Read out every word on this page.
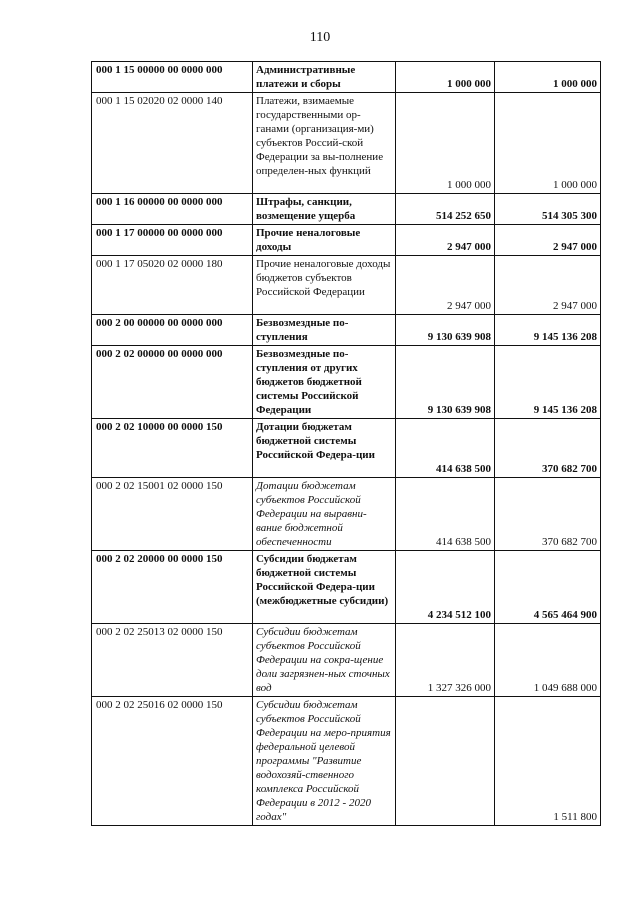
110
000 1 15 00000 00 0000 000	Административные платежи и сборы	1 000 000	1 000 000
000 1 15 02020 02 0000 140	Платежи, взимаемые государственными ор-ганами (организация-ми) субъектов Россий-ской Федерации за вы-полнение определен-ных функций	1 000 000	1 000 000
000 1 16 00000 00 0000 000	Штрафы, санкции, возмещение ущерба	514 252 650	514 305 300
000 1 17 00000 00 0000 000	Прочие неналоговые доходы	2 947 000	2 947 000
000 1 17 05020 02 0000 180	Прочие неналоговые доходы бюджетов субъектов Российской Федерации	2 947 000	2 947 000
000 2 00 00000 00 0000 000	Безвозмездные по-ступления	9 130 639 908	9 145 136 208
000 2 02 00000 00 0000 000	Безвозмездные по-ступления от других бюджетов бюджетной системы Российской Федерации	9 130 639 908	9 145 136 208
000 2 02 10000 00 0000 150	Дотации бюджетам бюджетной системы Российской Федера-ции	414 638 500	370 682 700
000 2 02 15001 02 0000 150	Дотации бюджетам субъектов Российской Федерации на выравни-вание бюджетной обеспеченности	414 638 500	370 682 700
000 2 02 20000 00 0000 150	Субсидии бюджетам бюджетной системы Российской Федера-ции (межбюджетные субсидии)	4 234 512 100	4 565 464 900
000 2 02 25013 02 0000 150	Субсидии бюджетам субъектов Российской Федерации на сокра-щение доли загрязнен-ных сточных вод	1 327 326 000	1 049 688 000
000 2 02 25016 02 0000 150	Субсидии бюджетам субъектов Российской Федерации на меро-приятия федеральной целевой программы "Развитие водохозяй-ственного комплекса Российской Федерации в 2012 - 2020 годах"		1 511 800
